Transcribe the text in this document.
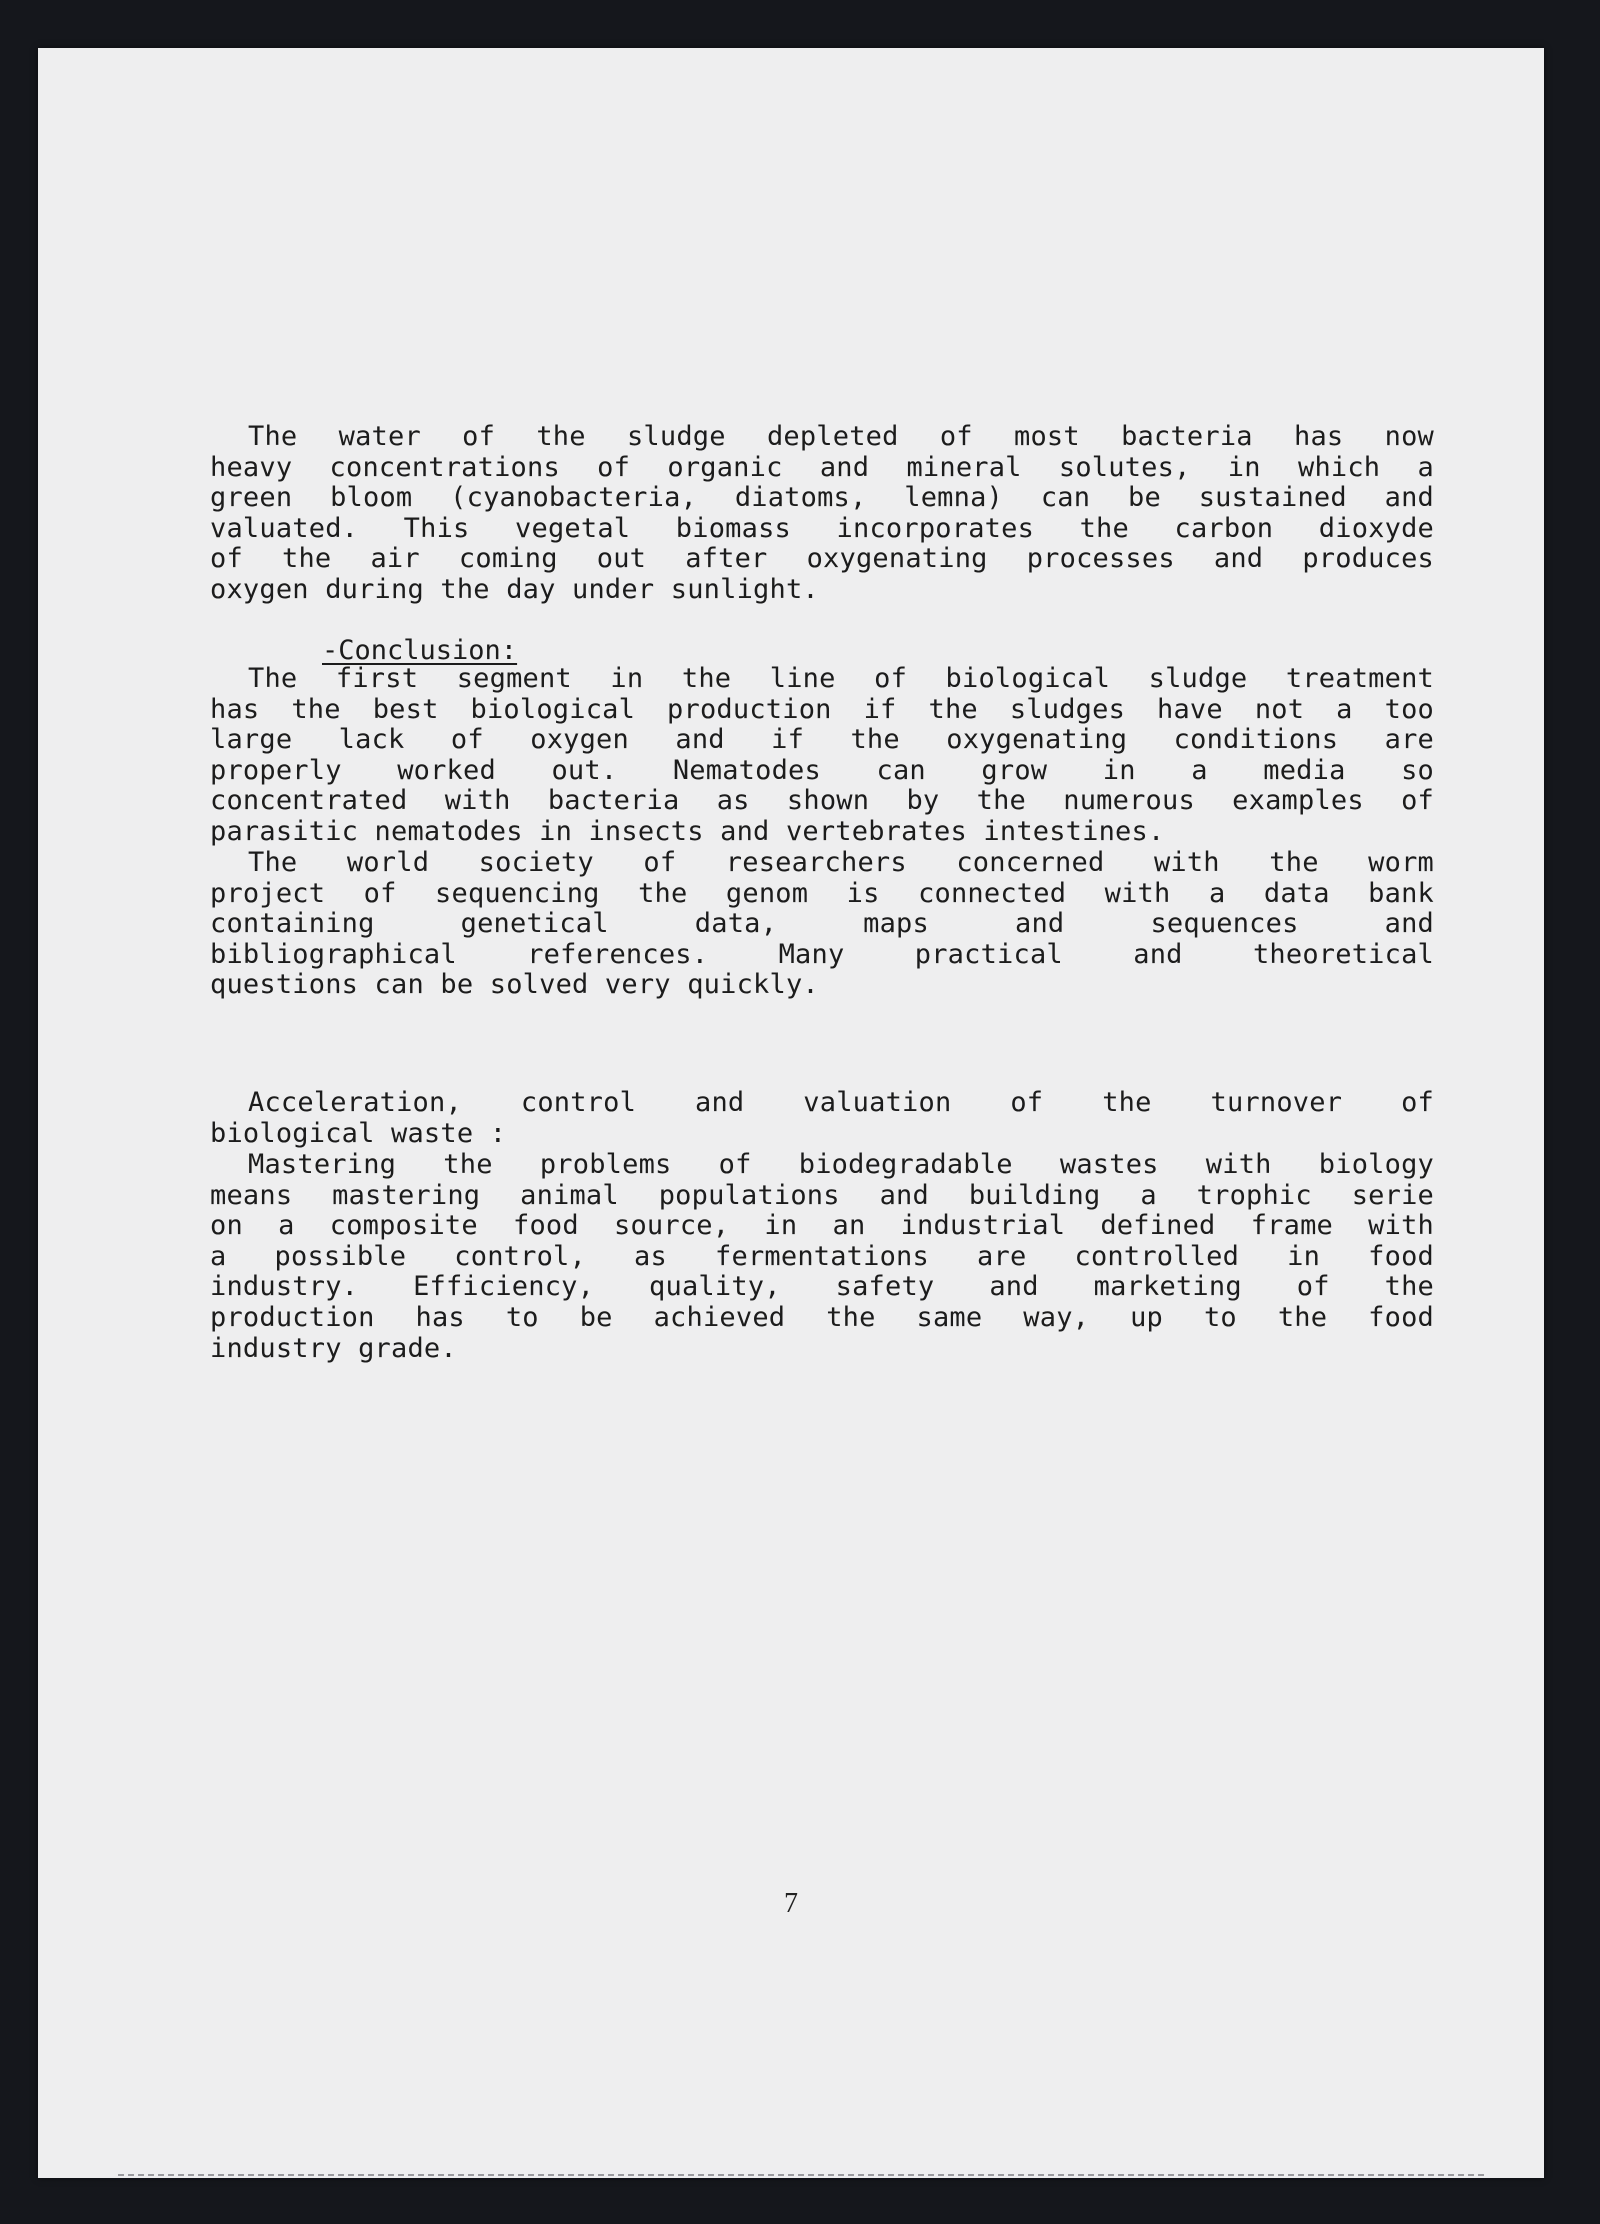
The water of the sludge depleted of most bacteria has now
heavy concentrations of organic and mineral solutes, in which a
green bloom (cyanobacteria, diatoms, lemna) can be sustained and
valuated. This vegetal biomass incorporates the carbon dioxyde
of the air coming out after oxygenating processes and produces
oxygen during the day under sunlight.
-Conclusion:
The first segment in the line of biological sludge treatment
has the best biological production if the sludges have not a too
large lack of oxygen and if the oxygenating conditions are
properly worked out. Nematodes can grow in a media so
concentrated with bacteria as shown by the numerous examples of
parasitic nematodes in insects and vertebrates intestines.
The world society of researchers concerned with the worm
project of sequencing the genom is connected with a data bank
containing genetical data, maps and sequences and
bibliographical references. Many practical and theoretical
questions can be solved very quickly.
Acceleration, control and valuation of the turnover of
biological waste :
Mastering the problems of biodegradable wastes with biology
means mastering animal populations and building a trophic serie
on a composite food source, in an industrial defined frame with
a possible control, as fermentations are controlled in food
industry. Efficiency, quality, safety and marketing of the
production has to be achieved the same way, up to the food
industry grade.
7
